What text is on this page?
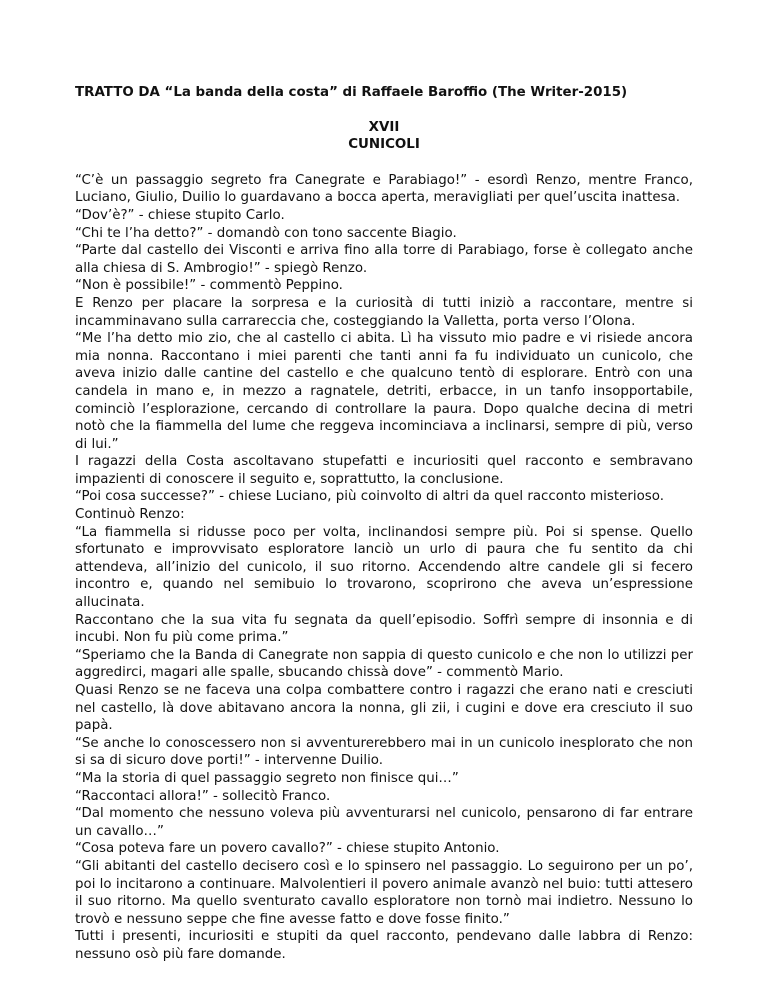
TRATTO DA “La banda della costa” di Raffaele Baroffio (The Writer-2015)

XVII

CUNICOLI

“C’è un passaggio segreto fra Canegrate e Parabiago!” - esordì Renzo, mentre Franco, Luciano, Giulio, Duilio lo guardavano a bocca aperta, meravigliati per quel’uscita inattesa.

“Dov’è?” - chiese stupito Carlo.

“Chi te l’ha detto?” - domandò con tono saccente Biagio.

“Parte dal castello dei Visconti e arriva fino alla torre di Parabiago, forse è collegato anche alla chiesa di S. Ambrogio!” - spiegò Renzo.

“Non è possibile!” - commentò Peppino.

E Renzo per placare la sorpresa e la curiosità di tutti iniziò a raccontare, mentre si incamminavano sulla carrareccia che, costeggiando la Valletta, porta verso l’Olona.

“Me l’ha detto mio zio, che al castello ci abita. Lì ha vissuto mio padre e vi risiede ancora mia nonna. Raccontano i miei parenti che tanti anni fa fu individuato un cunicolo, che aveva inizio dalle cantine del castello e che qualcuno tentò di esplorare. Entrò con una candela in mano e, in mezzo a ragnatele, detriti, erbacce, in un tanfo insopportabile, cominciò l’esplorazione, cercando di controllare la paura. Dopo qualche decina di metri notò che la fiammella del lume che reggeva incominciava a inclinarsi, sempre di più, verso di lui.”

I ragazzi della Costa ascoltavano stupefatti e incuriositi quel racconto e sembravano impazienti di conoscere il seguito e, soprattutto, la conclusione.

“Poi cosa successe?” - chiese Luciano, più coinvolto di altri da quel racconto misterioso.

Continuò Renzo:

“La fiammella si ridusse poco per volta, inclinandosi sempre più. Poi si spense. Quello sfortunato e improvvisato esploratore lanciò un urlo di paura che fu sentito da chi attendeva, all’inizio del cunicolo, il suo ritorno. Accendendo altre candele gli si fecero incontro e, quando nel semibuio lo trovarono, scoprirono che aveva un’espressione allucinata.

Raccontano che la sua vita fu segnata da quell’episodio. Soffrì sempre di insonnia e di incubi. Non fu più come prima.”

“Speriamo che la Banda di Canegrate non sappia di questo cunicolo e che non lo utilizzi per aggredirci, magari alle spalle, sbucando chissà dove” - commentò Mario.

Quasi Renzo se ne faceva una colpa combattere contro i ragazzi che erano nati e cresciuti nel castello, là dove abitavano ancora la nonna, gli zii, i cugini e dove era cresciuto il suo papà.

“Se anche lo conoscessero non si avventurerebbero mai in un cunicolo inesplorato che non si sa di sicuro dove porti!” - intervenne Duilio.

“Ma la storia di quel passaggio segreto non finisce qui…”

“Raccontaci allora!” - sollecitò Franco.

“Dal momento che nessuno voleva più avventurarsi nel cunicolo, pensarono di far entrare un cavallo…”

“Cosa poteva fare un povero cavallo?” - chiese stupito Antonio.

“Gli abitanti del castello decisero così e lo spinsero nel passaggio. Lo seguirono per un po’, poi lo incitarono a continuare. Malvolentieri il povero animale avanzò nel buio: tutti attesero il suo ritorno. Ma quello sventurato cavallo esploratore non tornò mai indietro. Nessuno lo trovò e nessuno seppe che fine avesse fatto e dove fosse finito.”

Tutti i presenti, incuriositi e stupiti da quel racconto, pendevano dalle labbra di Renzo: nessuno osò più fare domande.
